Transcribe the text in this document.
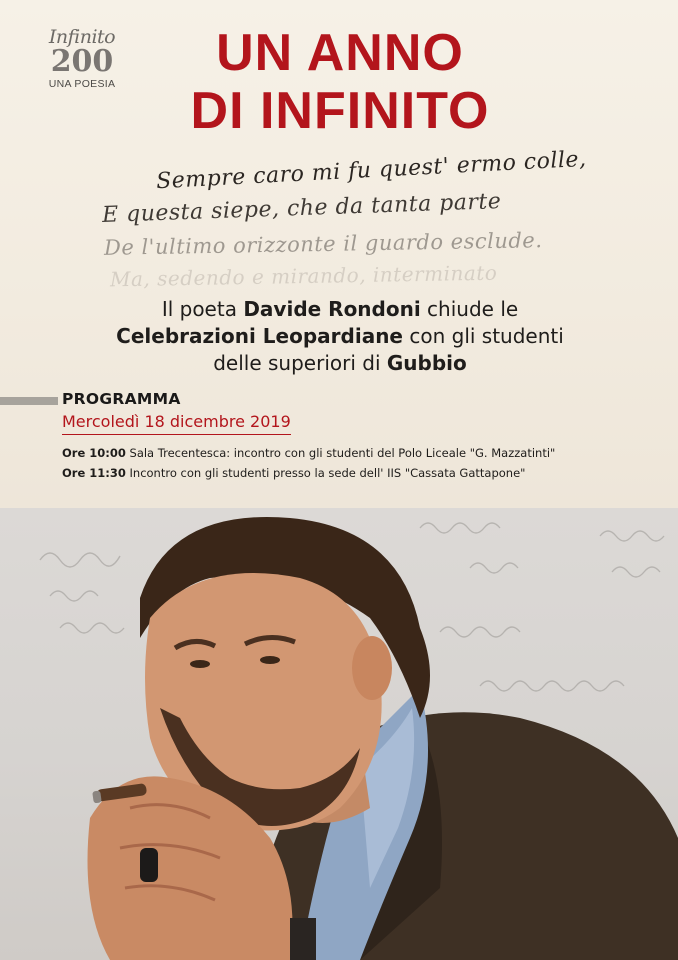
Infinito
200
UNA POESIA
UN ANNO
DI INFINITO
Sempre caro mi fu quest' ermo colle,
E questa siepe, che da tanta parte
De l'ultimo orizzonte il guardo esclude.
Ma, sedendo e mirando, interminato
Il poeta Davide Rondoni chiude le
Celebrazioni Leopardiane con gli studenti
delle superiori di Gubbio
PROGRAMMA
Mercoledì 18 dicembre 2019
Ore 10:00 Sala Trecentesca: incontro con gli studenti del Polo Liceale "G. Mazzatinti"
Ore 11:30 Incontro con gli studenti presso la sede dell' IIS "Cassata Gattapone"
